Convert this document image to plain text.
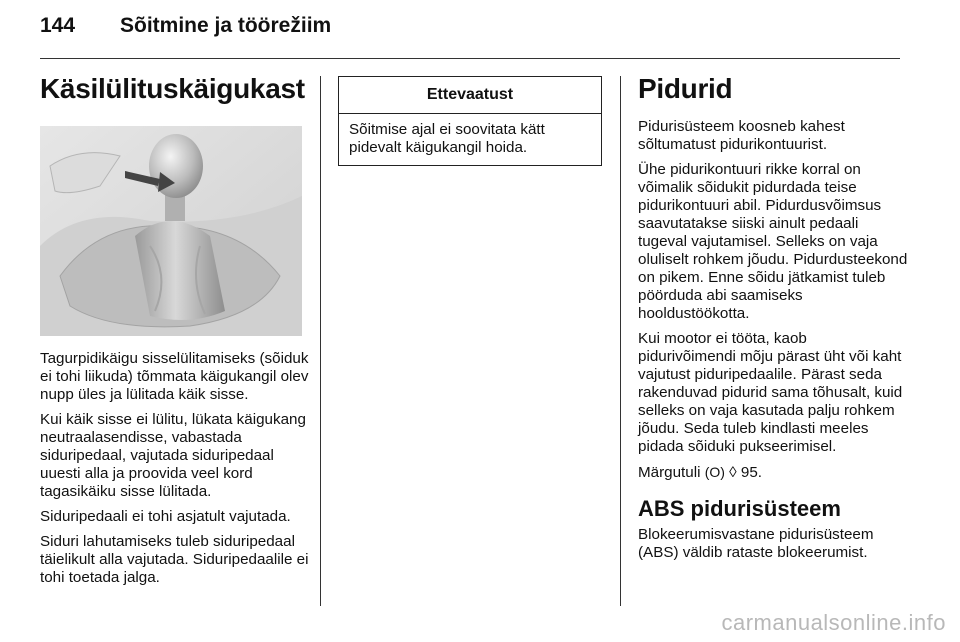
144 Sõitmine ja töörežiim
Käsilülituskäigukast

Tagurpidikäigu sisselülitamiseks (sõiduk ei tohi liikuda) tõmmata käigukangil olev nupp üles ja lülitada käik sisse.

Kui käik sisse ei lülitu, lükata käigukang neutraalasendisse, vabastada siduripedaal, vajutada siduripedaal uuesti alla ja proovida veel kord tagasikäiku sisse lülitada.

Siduripedaali ei tohi asjatult vajutada.

Siduri lahutamiseks tuleb siduripedaal täielikult alla vajutada. Siduripedaalile ei tohi toetada jalga.

Ettevaatust
Sõitmise ajal ei soovitata kätt pidevalt käigukangil hoida.
Pidurid

Pidurisüsteem koosneb kahest sõltumatust pidurikontuurist.

Ühe pidurikontuuri rikke korral on võimalik sõidukit pidurdada teise pidurikontuuri abil. Pidurdusvõimsus saavutatakse siiski ainult pedaali tugeval vajutamisel. Selleks on vaja oluliselt rohkem jõudu. Pidurdusteekond on pikem. Enne sõidu jätkamist tuleb pöörduda abi saamiseks hooldustöökotta.

Kui mootor ei tööta, kaob pidurivõimendi mõju pärast üht või kaht vajutust piduripedaalile. Pärast seda rakenduvad pidurid sama tõhusalt, kuid selleks on vaja kasutada palju rohkem jõudu. Seda tuleb kindlasti meeles pidada sõiduki pukseerimisel.

Märgutuli (O) ◊ 95.

ABS pidurisüsteem

Blokeerumisvastane pidurisüsteem (ABS) väldib rataste blokeerumist.

carmanualsonline.info
